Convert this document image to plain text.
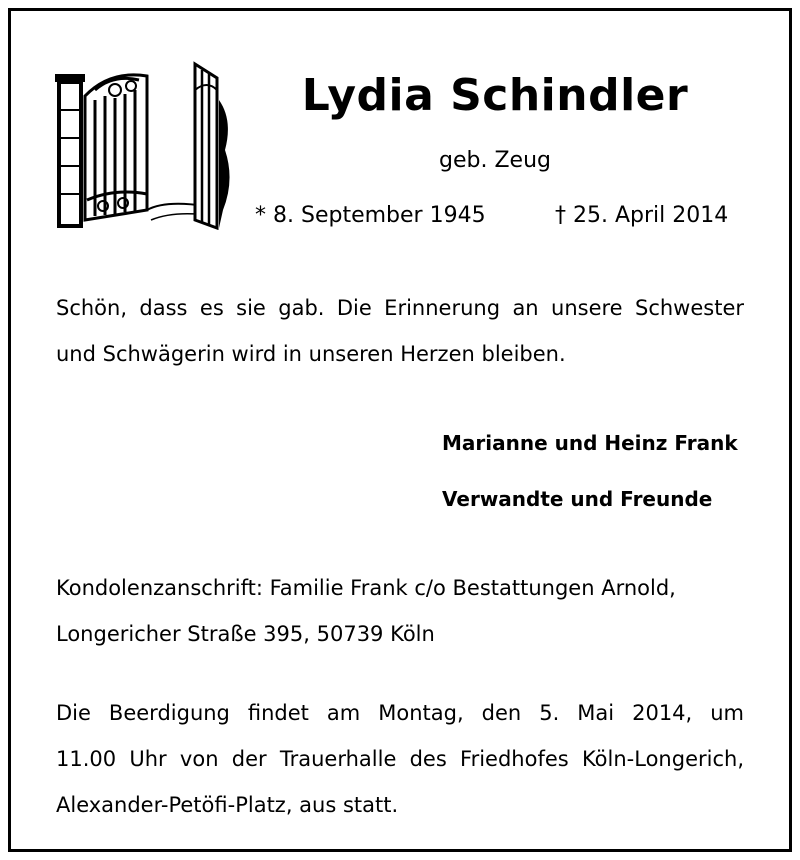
Lydia Schindler
geb. Zeug
* 8. September 1945	† 25. April 2014
Schön, dass es sie gab. Die Erinnerung an unsere Schwester
und Schwägerin wird in unseren Herzen bleiben.
Marianne und Heinz Frank
Verwandte und Freunde
Kondolenzanschrift: Familie Frank c/o Bestattungen Arnold,
Longericher Straße 395, 50739 Köln
Die Beerdigung findet am Montag, den 5. Mai 2014, um
11.00 Uhr von der Trauerhalle des Friedhofes Köln-Longerich,
Alexander-Petöfi-Platz, aus statt.
